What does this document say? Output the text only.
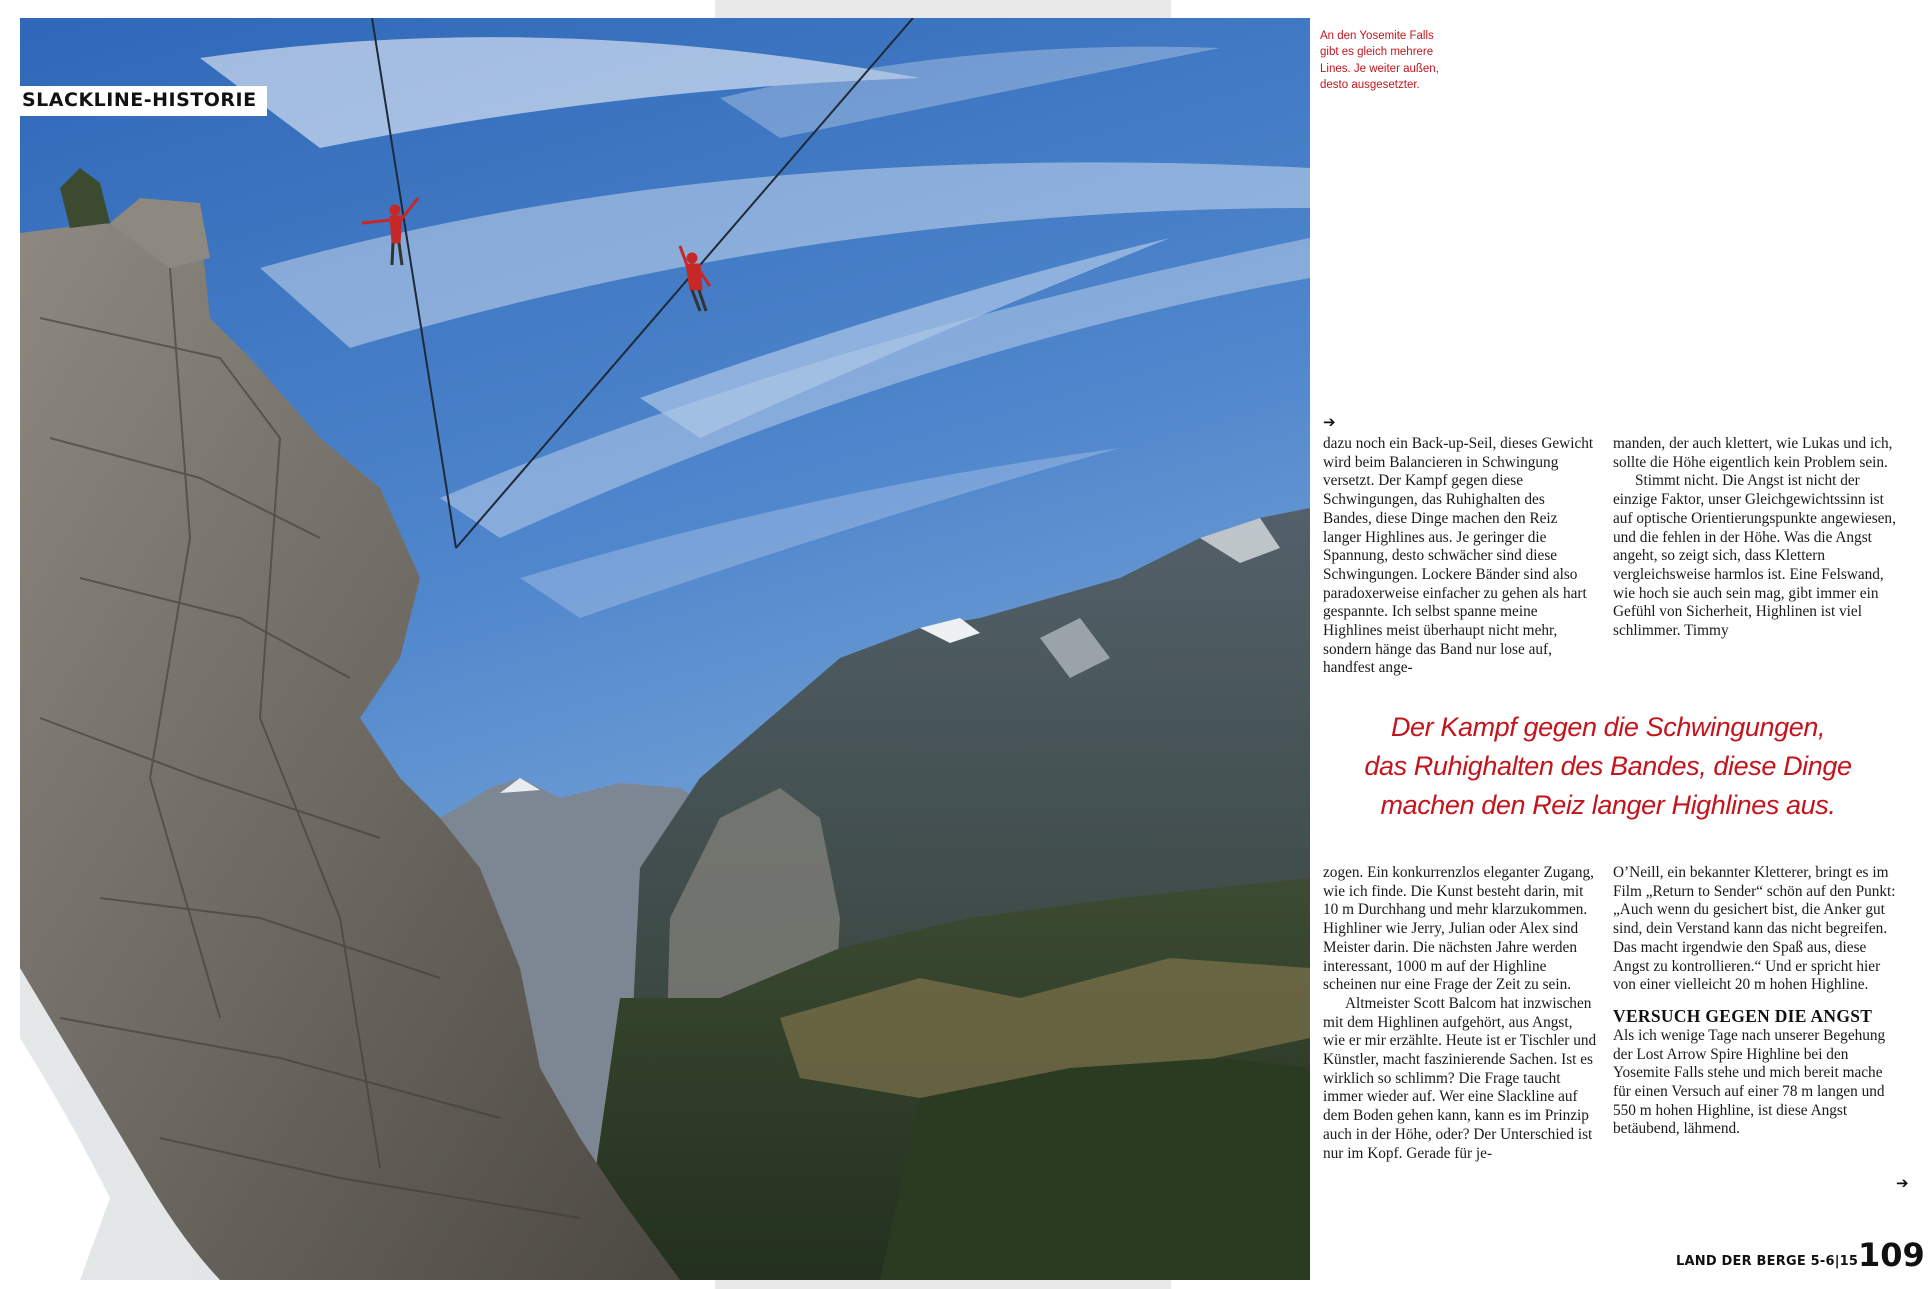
SLACKLINE-HISTORIE
An den Yosemite Falls gibt es gleich mehrere Lines. Je weiter außen, desto ausgesetzter.
➔

dazu noch ein Back-up-Seil, dieses Gewicht wird beim Balancieren in Schwingung versetzt. Der Kampf gegen diese Schwingungen, das Ruhighalten des Bandes, diese Dinge machen den Reiz langer Highlines aus. Je geringer die Spannung, desto schwächer sind diese Schwingungen. Lockere Bänder sind also paradoxerweise einfacher zu gehen als hart gespannte. Ich selbst spanne meine Highlines meist überhaupt nicht mehr, sondern hänge das Band nur lose auf, handfest ange-

manden, der auch klettert, wie Lukas und ich, sollte die Höhe eigentlich kein Problem sein.

Stimmt nicht. Die Angst ist nicht der einzige Faktor, unser Gleichgewichtssinn ist auf optische Orientierungspunkte angewiesen, und die fehlen in der Höhe. Was die Angst angeht, so zeigt sich, dass Klettern vergleichsweise harmlos ist. Eine Felswand, wie hoch sie auch sein mag, gibt immer ein Gefühl von Sicherheit, Highlinen ist viel schlimmer. Timmy

Der Kampf gegen die Schwingungen,
das Ruhighalten des Bandes, diese Dinge
machen den Reiz langer Highlines aus.

zogen. Ein konkurrenzlos eleganter Zugang, wie ich finde. Die Kunst besteht darin, mit 10 m Durchhang und mehr klarzukommen. Highliner wie Jerry, Julian oder Alex sind Meister darin. Die nächsten Jahre werden interessant, 1000 m auf der Highline scheinen nur eine Frage der Zeit zu sein.

Altmeister Scott Balcom hat inzwischen mit dem Highlinen aufgehört, aus Angst, wie er mir erzählte. Heute ist er Tischler und Künstler, macht faszinierende Sachen. Ist es wirklich so schlimm? Die Frage taucht immer wieder auf. Wer eine Slackline auf dem Boden gehen kann, kann es im Prinzip auch in der Höhe, oder? Der Unterschied ist nur im Kopf. Gerade für je-

O’Neill, ein bekannter Kletterer, bringt es im Film „Return to Sender“ schön auf den Punkt: „Auch wenn du gesichert bist, die Anker gut sind, dein Verstand kann das nicht begreifen. Das macht irgendwie den Spaß aus, diese Angst zu kontrollieren.“ Und er spricht hier von einer vielleicht 20 m hohen Highline.

VERSUCH GEGEN DIE ANGST

Als ich wenige Tage nach unserer Begehung der Lost Arrow Spire Highline bei den Yosemite Falls stehe und mich bereit mache für einen Versuch auf einer 78 m langen und 550 m hohen Highline, ist diese Angst betäubend, lähmend.

➔
LAND DER BERGE 5-6|15 109
